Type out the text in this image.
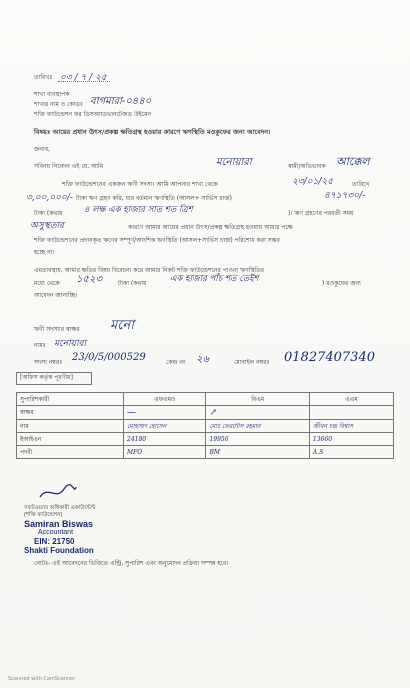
তারিখঃ ০৩ / ৭ / ২৫
শাখা ব্যবস্থাপক
শাখার নাম ও কোডঃ বাগমারা-০৪৪০
শক্তি ফাউন্ডেশন ফর ডিসঅ্যাডভানটেজড উইমেন
বিষয়ঃ আয়ের প্রধান উৎস/প্রকল্প ক্ষতিগ্রস্থ হওয়ার কারণে ঋণস্থিতি মওকুফের জন্য আবেদন।
জনাব,
সবিনয় নিবেদন এই যে, আমি	মনোয়ারা	স্বামী/অভিভাবক আক্কেল
শক্তি ফাউন্ডেশনের একজন ঋণী সদস্য। আমি আপনার শাখা থেকে	২৩/০১/২৫	তারিখে
৩,০০,০০০/- টাকা ঋণ গ্রহণ করি, যার বর্তমান ঋণস্থিতি (আসল+ সার্ভিস চার্জ)	৪৭১৭৩০/-
টাকা (কথায়	৪ লক্ষ এক হাজার সাত শত ত্রিশ	)। ঋণ গ্রহণের পরবর্তী সময়
অসুস্থতার	কারণে আমার আয়ের প্রধান উৎস/প্রকল্প ক্ষতিগ্রস্থ হওয়ায় আমার পক্ষে
শক্তি ফাউন্ডেশনের প্রদানকৃত ঋণের সম্পূর্ণ/আংশিক ঋণস্থিতি (আসল+সার্ভিস চার্জ) পরিশোধ করা সম্ভব
হচ্ছে না।
এমতাবস্থায়, আমার ক্ষতির বিষয় বিবেচনা করে আমার নিকট শক্তি ফাউন্ডেশনের পাওনা ঋণস্থিতির
মধ্যে থেকে ১৫২৩	টাকা (কথায়	এক হাজার পাঁচ শত তেইশ	) মওকুফের জন্য
আবেদন জানাচ্ছি।
ঋণী সদস্যার স্বাক্ষর মনো
নামঃ মনোয়ারা
সদস্য নম্বরঃ 23/0/5/000529	কেন্দ্র নং ২৬	মোবাইল নম্বরঃ 01827407340
[অফিস কর্তৃক পূরণীয়]
সুপারিশকারী	এফএমও	বিএম	এএম
স্বাক্ষর	⁠—⁠	↗	
নাম	মোহাম্মদ হোসেন	মোঃ ফেরদৌস রহমান	জীবন চন্দ্র বিশ্বাস
ইআইএন	24180	19956	13660
পদবী	MFO	BM	A.S
সফটওয়্যার অধিকারী একাউন্টেন্ট
(শক্তি ফাউন্ডেশন)
Samiran Biswas
Accountant
EIN: 21750
Shakti Foundation
নোটঃ- এই আবেদনের ভিত্তিতে এন্ট্রি, সুপারিশ এবং অনুমোদন প্রক্রিয়া সম্পন্ন হবে।
Scanned with CamScanner
